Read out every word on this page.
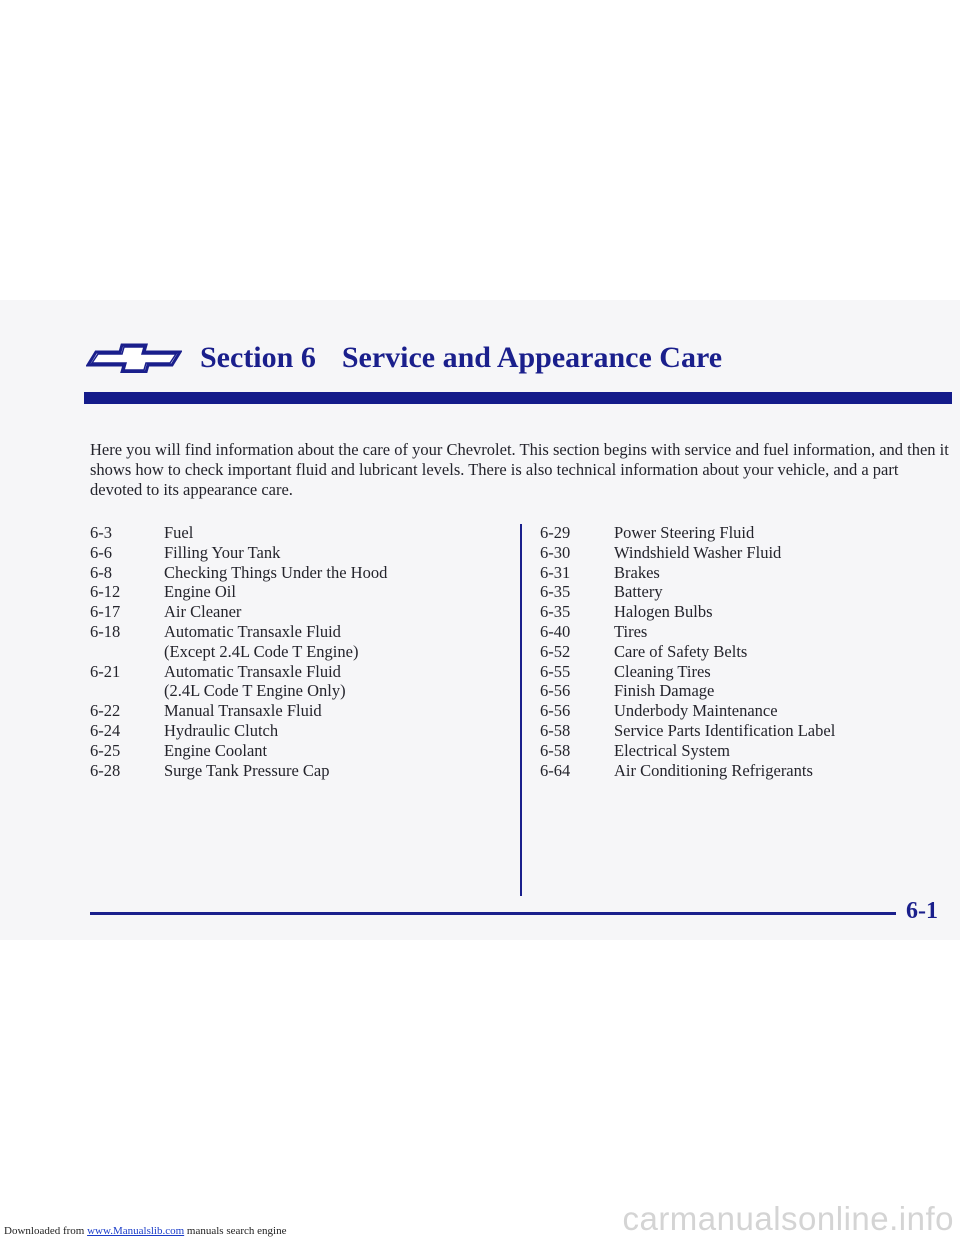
Section 6 Service and Appearance Care
Here you will find information about the care of your Chevrolet. This section begins with service and fuel information, and then it shows how to check important fluid and lubricant levels. There is also technical information about your vehicle, and a part devoted to its appearance care.
6-3	Fuel
6-6	Filling Your Tank
6-8	Checking Things Under the Hood
6-12	Engine Oil
6-17	Air Cleaner
6-18	Automatic Transaxle Fluid
(Except 2.4L Code T Engine)
6-21	Automatic Transaxle Fluid
(2.4L Code T Engine Only)
6-22	Manual Transaxle Fluid
6-24	Hydraulic Clutch
6-25	Engine Coolant
6-28	Surge Tank Pressure Cap
6-29	Power Steering Fluid
6-30	Windshield Washer Fluid
6-31	Brakes
6-35	Battery
6-35	Halogen Bulbs
6-40	Tires
6-52	Care of Safety Belts
6-55	Cleaning Tires
6-56	Finish Damage
6-56	Underbody Maintenance
6-58	Service Parts Identification Label
6-58	Electrical System
6-64	Air Conditioning Refrigerants
6-1
Downloaded from www.Manualslib.com manuals search engine	carmanualsonline.info
